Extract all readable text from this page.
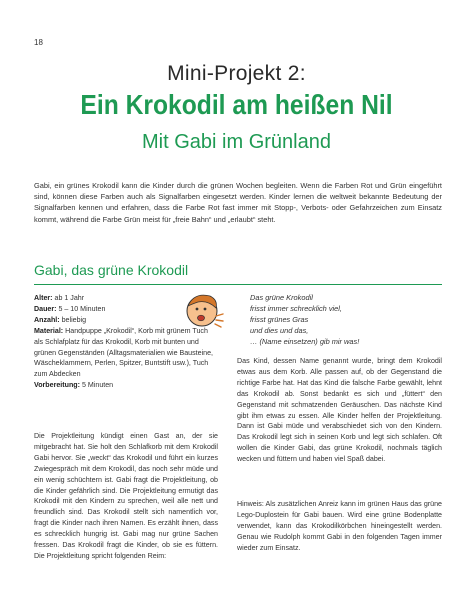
18
Mini-Projekt 2:
Ein Krokodil am heißen Nil
Mit Gabi im Grünland
Gabi, ein grünes Krokodil kann die Kinder durch die grünen Wochen begleiten. Wenn die Farben Rot und Grün eingeführt sind, können diese Farben auch als Signalfarben eingesetzt werden. Kinder lernen die weltweit bekannte Bedeutung der Signalfarben kennen und erfahren, dass die Farbe Rot fast immer mit Stopp-, Verbots- oder Gefahrzeichen zum Einsatz kommt, während die Farbe Grün meist für „freie Bahn“ und „erlaubt“ steht.
Gabi, das grüne Krokodil
Alter: ab 1 Jahr
Dauer: 5 – 10 Minuten
Anzahl: beliebig
Material: Handpuppe „Krokodil“, Korb mit grünem Tuch als Schlafplatz für das Krokodil, Korb mit bunten und grünen Gegenständen (Alltagsmaterialien wie Bausteine, Wäscheklammern, Perlen, Spitzer, Buntstift usw.), Tuch zum Abdecken
Vorbereitung: 5 Minuten
Die Projektleitung kündigt einen Gast an, der sie mitgebracht hat. Sie holt den Schlafkorb mit dem Krokodil Gabi hervor. Sie „weckt“ das Krokodil und führt ein kurzes Zwiegespräch mit dem Krokodil, das noch sehr müde und ein wenig schüchtern ist. Gabi fragt die Projektleitung, ob die Kinder gefährlich sind. Die Projektleitung ermutigt das Krokodil mit den Kindern zu sprechen, weil alle nett und freundlich sind. Das Krokodil stellt sich namentlich vor, fragt die Kinder nach ihren Namen. Es erzählt ihnen, dass es schrecklich hungrig ist. Gabi mag nur grüne Sachen fressen. Das Krokodil fragt die Kinder, ob sie es füttern. Die Projektleitung spricht folgenden Reim:
Das grüne Krokodil
frisst immer schrecklich viel,
frisst grünes Gras
und dies und das,
… (Name einsetzen) gib mir was!
Das Kind, dessen Name genannt wurde, bringt dem Krokodil etwas aus dem Korb. Alle passen auf, ob der Gegenstand die richtige Farbe hat. Hat das Kind die falsche Farbe gewählt, lehnt das Krokodil ab. Sonst bedankt es sich und „füttert“ den Gegenstand mit schmatzenden Geräuschen. Das nächste Kind gibt ihm etwas zu essen. Alle Kinder helfen der Projektleitung. Dann ist Gabi müde und verabschiedet sich von den Kindern. Das Krokodil legt sich in seinen Korb und legt sich schlafen. Oft wollen die Kinder Gabi, das grüne Krokodil, nochmals täglich wecken und füttern und haben viel Spaß dabei.
Hinweis: Als zusätzlichen Anreiz kann im grünen Haus das grüne Lego-Duplostein für Gabi bauen. Wird eine grüne Bodenplatte verwendet, kann das Krokodilkörbchen hineingestellt werden. Genau wie Rudolph kommt Gabi in den folgenden Tagen immer wieder zum Einsatz.
